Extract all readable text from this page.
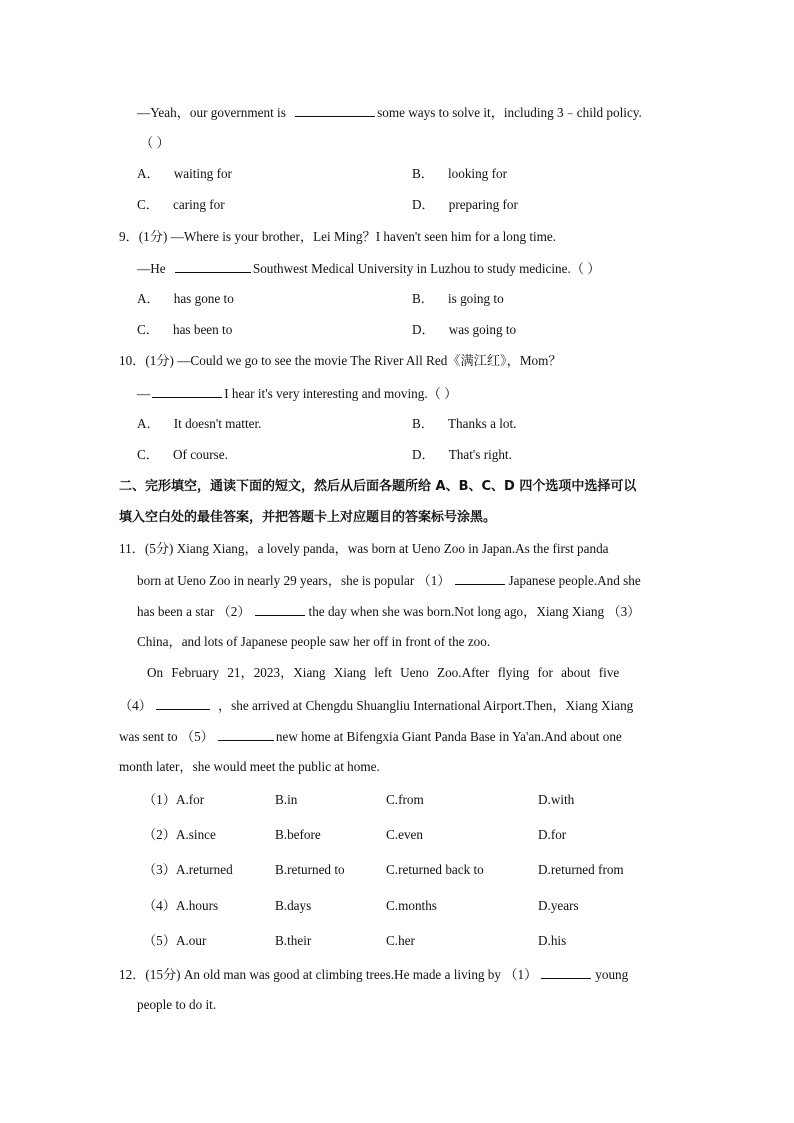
—Yeah，our government is	some ways to solve it，including 3﹣child policy.
（ ）
A． waiting for	B． looking for
C． caring for	D． preparing for
9．(1分) —Where is your brother，Lei Ming？I haven't seen him for a long time.
—He	Southwest Medical University in Luzhou to study medicine.（ ）
A． has gone to	B． is going to
C． has been to	D． was going to
10．(1分) —Could we go to see the movie The River All Red《满江红》，Mom？
—	I hear it's very interesting and moving.（ ）
A． It doesn't matter.	B． Thanks a lot.
C． Of course.	D． That's right.
二、完形填空，通读下面的短文，然后从后面各题所给 A、B、C、D 四个选项中选择可以
填入空白处的最佳答案，并把答题卡上对应题目的答案标号涂黑。
11．(5分) Xiang Xiang，a lovely panda，was born at Ueno Zoo in Japan.As the first panda
born at Ueno Zoo in nearly 29 years，she is popular （1）	Japanese people.And she
has been a star （2）	the day when she was born.Not long ago，Xiang Xiang （3）
China，and lots of Japanese people saw her off in front of the zoo.
On February 21，2023，Xiang Xiang left Ueno Zoo.After flying for about five
（4）	，she arrived at Chengdu Shuangliu International Airport.Then，Xiang Xiang
was sent to （5）	new home at Bifengxia Giant Panda Base in Ya'an.And about one
month later，she would meet the public at home.
（1）A.for	B.in	C.from	D.with
（2）A.since	B.before	C.even	D.for
（3）A.returned	B.returned to	C.returned back to	D.returned from
（4）A.hours	B.days	C.months	D.years
（5）A.our	B.their	C.her	D.his
12．(15分) An old man was good at climbing trees.He made a living by （1）	young
people to do it.
